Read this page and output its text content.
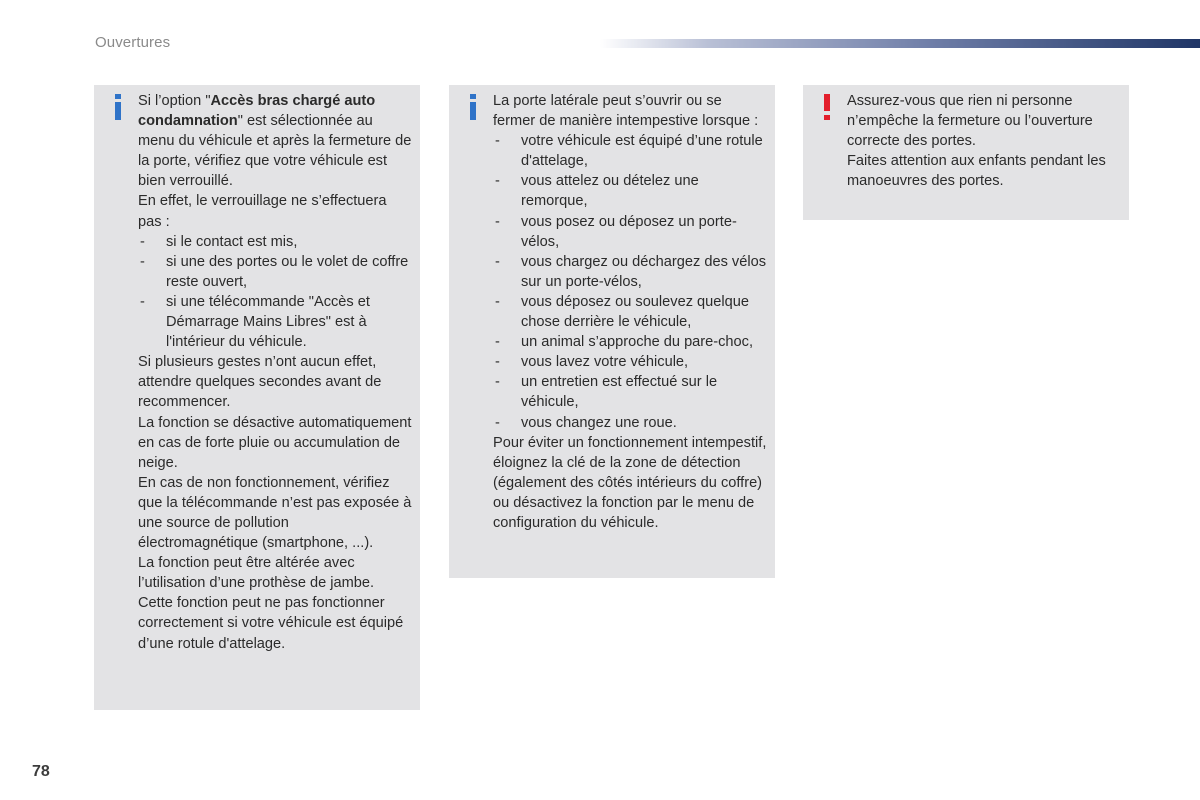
Ouvertures

Si l’option "Accès bras chargé auto condamnation" est sélectionnée au menu du véhicule et après la fermeture de la porte, vérifiez que votre véhicule est bien verrouillé.

En effet, le verrouillage ne s’effectuera pas :

- si le contact est mis,
- si une des portes ou le volet de coffre reste ouvert,
- si une télécommande "Accès et Démarrage Mains Libres" est à l'intérieur du véhicule.

Si plusieurs gestes n’ont aucun effet, attendre quelques secondes avant de recommencer.

La fonction se désactive automatiquement en cas de forte pluie ou accumulation de neige.

En cas de non fonctionnement, vérifiez que la télécommande n’est pas exposée à une source de pollution électromagnétique (smartphone, ...).

La fonction peut être altérée avec l’utilisation d’une prothèse de jambe.

Cette fonction peut ne pas fonctionner correctement si votre véhicule est équipé d’une rotule d'attelage.

La porte latérale peut s’ouvrir ou se fermer de manière intempestive lorsque :

- votre véhicule est équipé d’une rotule d'attelage,
- vous attelez ou dételez une remorque,
- vous posez ou déposez un porte-vélos,
- vous chargez ou déchargez des vélos sur un porte-vélos,
- vous déposez ou soulevez quelque chose derrière le véhicule,
- un animal s’approche du pare-choc,
- vous lavez votre véhicule,
- un entretien est effectué sur le véhicule,
- vous changez une roue.

Pour éviter un fonctionnement intempestif, éloignez la clé de la zone de détection (également des côtés intérieurs du coffre) ou désactivez la fonction par le menu de configuration du véhicule.

Assurez-vous que rien ni personne n’empêche la fermeture ou l’ouverture correcte des portes.

Faites attention aux enfants pendant les manoeuvres des portes.

78
